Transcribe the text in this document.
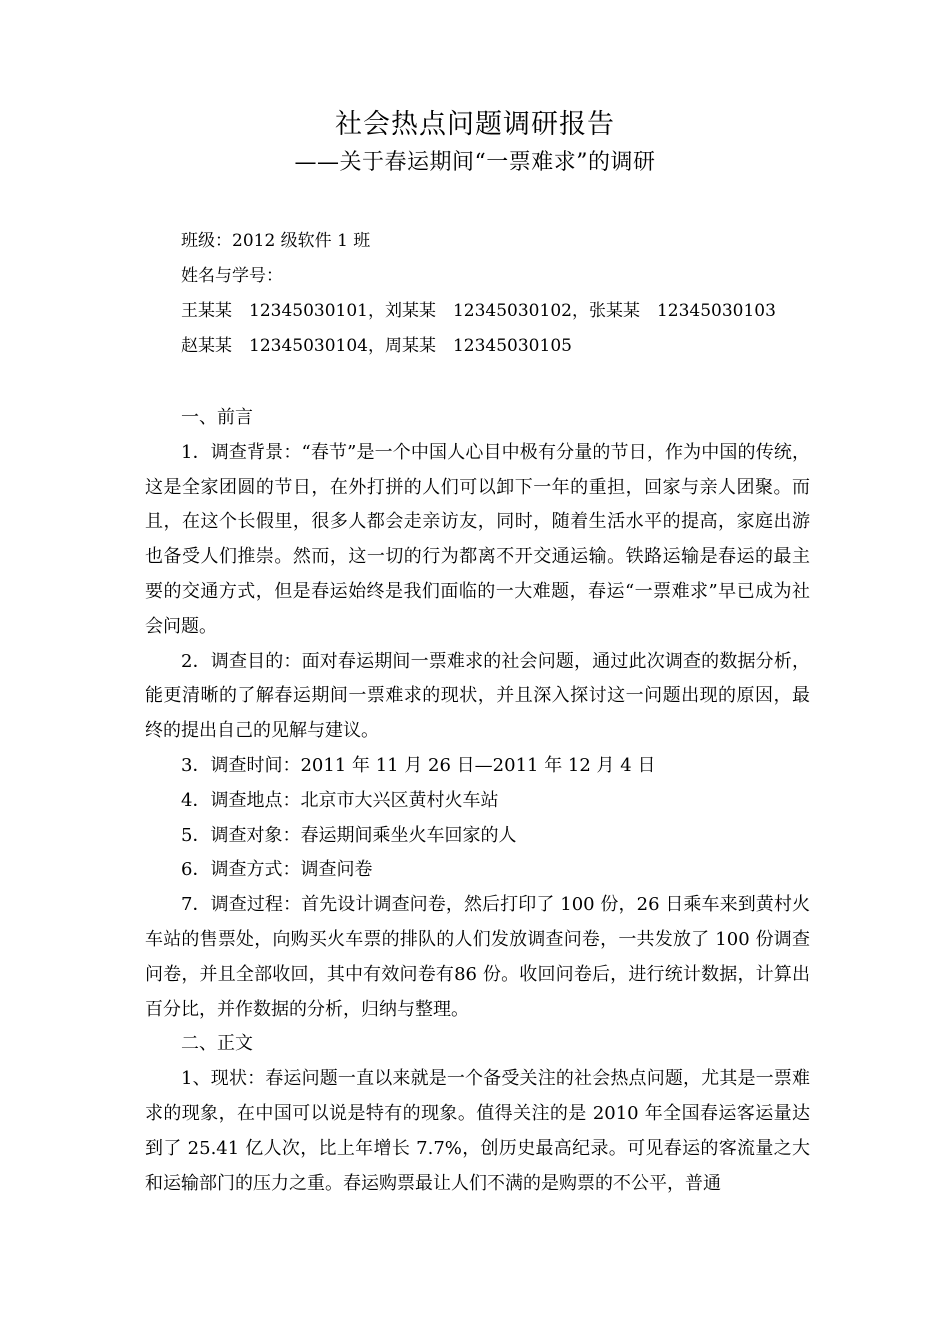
社会热点问题调研报告
——关于春运期间“一票难求”的调研
班级：2012 级软件 1 班
姓名与学号：
王某某　12345030101，刘某某　12345030102，张某某　12345030103
赵某某　12345030104，周某某　12345030105

一、前言

1．调查背景：“春节”是一个中国人心目中极有分量的节日，作为中国的传统，这是全家团圆的节日，在外打拼的人们可以卸下一年的重担，回家与亲人团聚。而且，在这个长假里，很多人都会走亲访友，同时，随着生活水平的提高，家庭出游也备受人们推崇。然而，这一切的行为都离不开交通运输。铁路运输是春运的最主要的交通方式，但是春运始终是我们面临的一大难题，春运“一票难求”早已成为社会问题。

2．调查目的：面对春运期间一票难求的社会问题，通过此次调查的数据分析，能更清晰的了解春运期间一票难求的现状，并且深入探讨这一问题出现的原因，最终的提出自己的见解与建议。

3．调查时间：2011 年 11 月 26 日—2011 年 12 月 4 日

4．调查地点：北京市大兴区黄村火车站

5．调查对象：春运期间乘坐火车回家的人

6．调查方式：调查问卷

7．调查过程：首先设计调查问卷，然后打印了 100 份，26 日乘车来到黄村火车站的售票处，向购买火车票的排队的人们发放调查问卷，一共发放了 100 份调查问卷，并且全部收回，其中有效问卷有86 份。收回问卷后，进行统计数据，计算出百分比，并作数据的分析，归纳与整理。

二、正文

1、现状：春运问题一直以来就是一个备受关注的社会热点问题，尤其是一票难求的现象，在中国可以说是特有的现象。值得关注的是 2010 年全国春运客运量达到了 25.41 亿人次，比上年增长 7.7%，创历史最高纪录。可见春运的客流量之大和运输部门的压力之重。春运购票最让人们不满的是购票的不公平，普通
